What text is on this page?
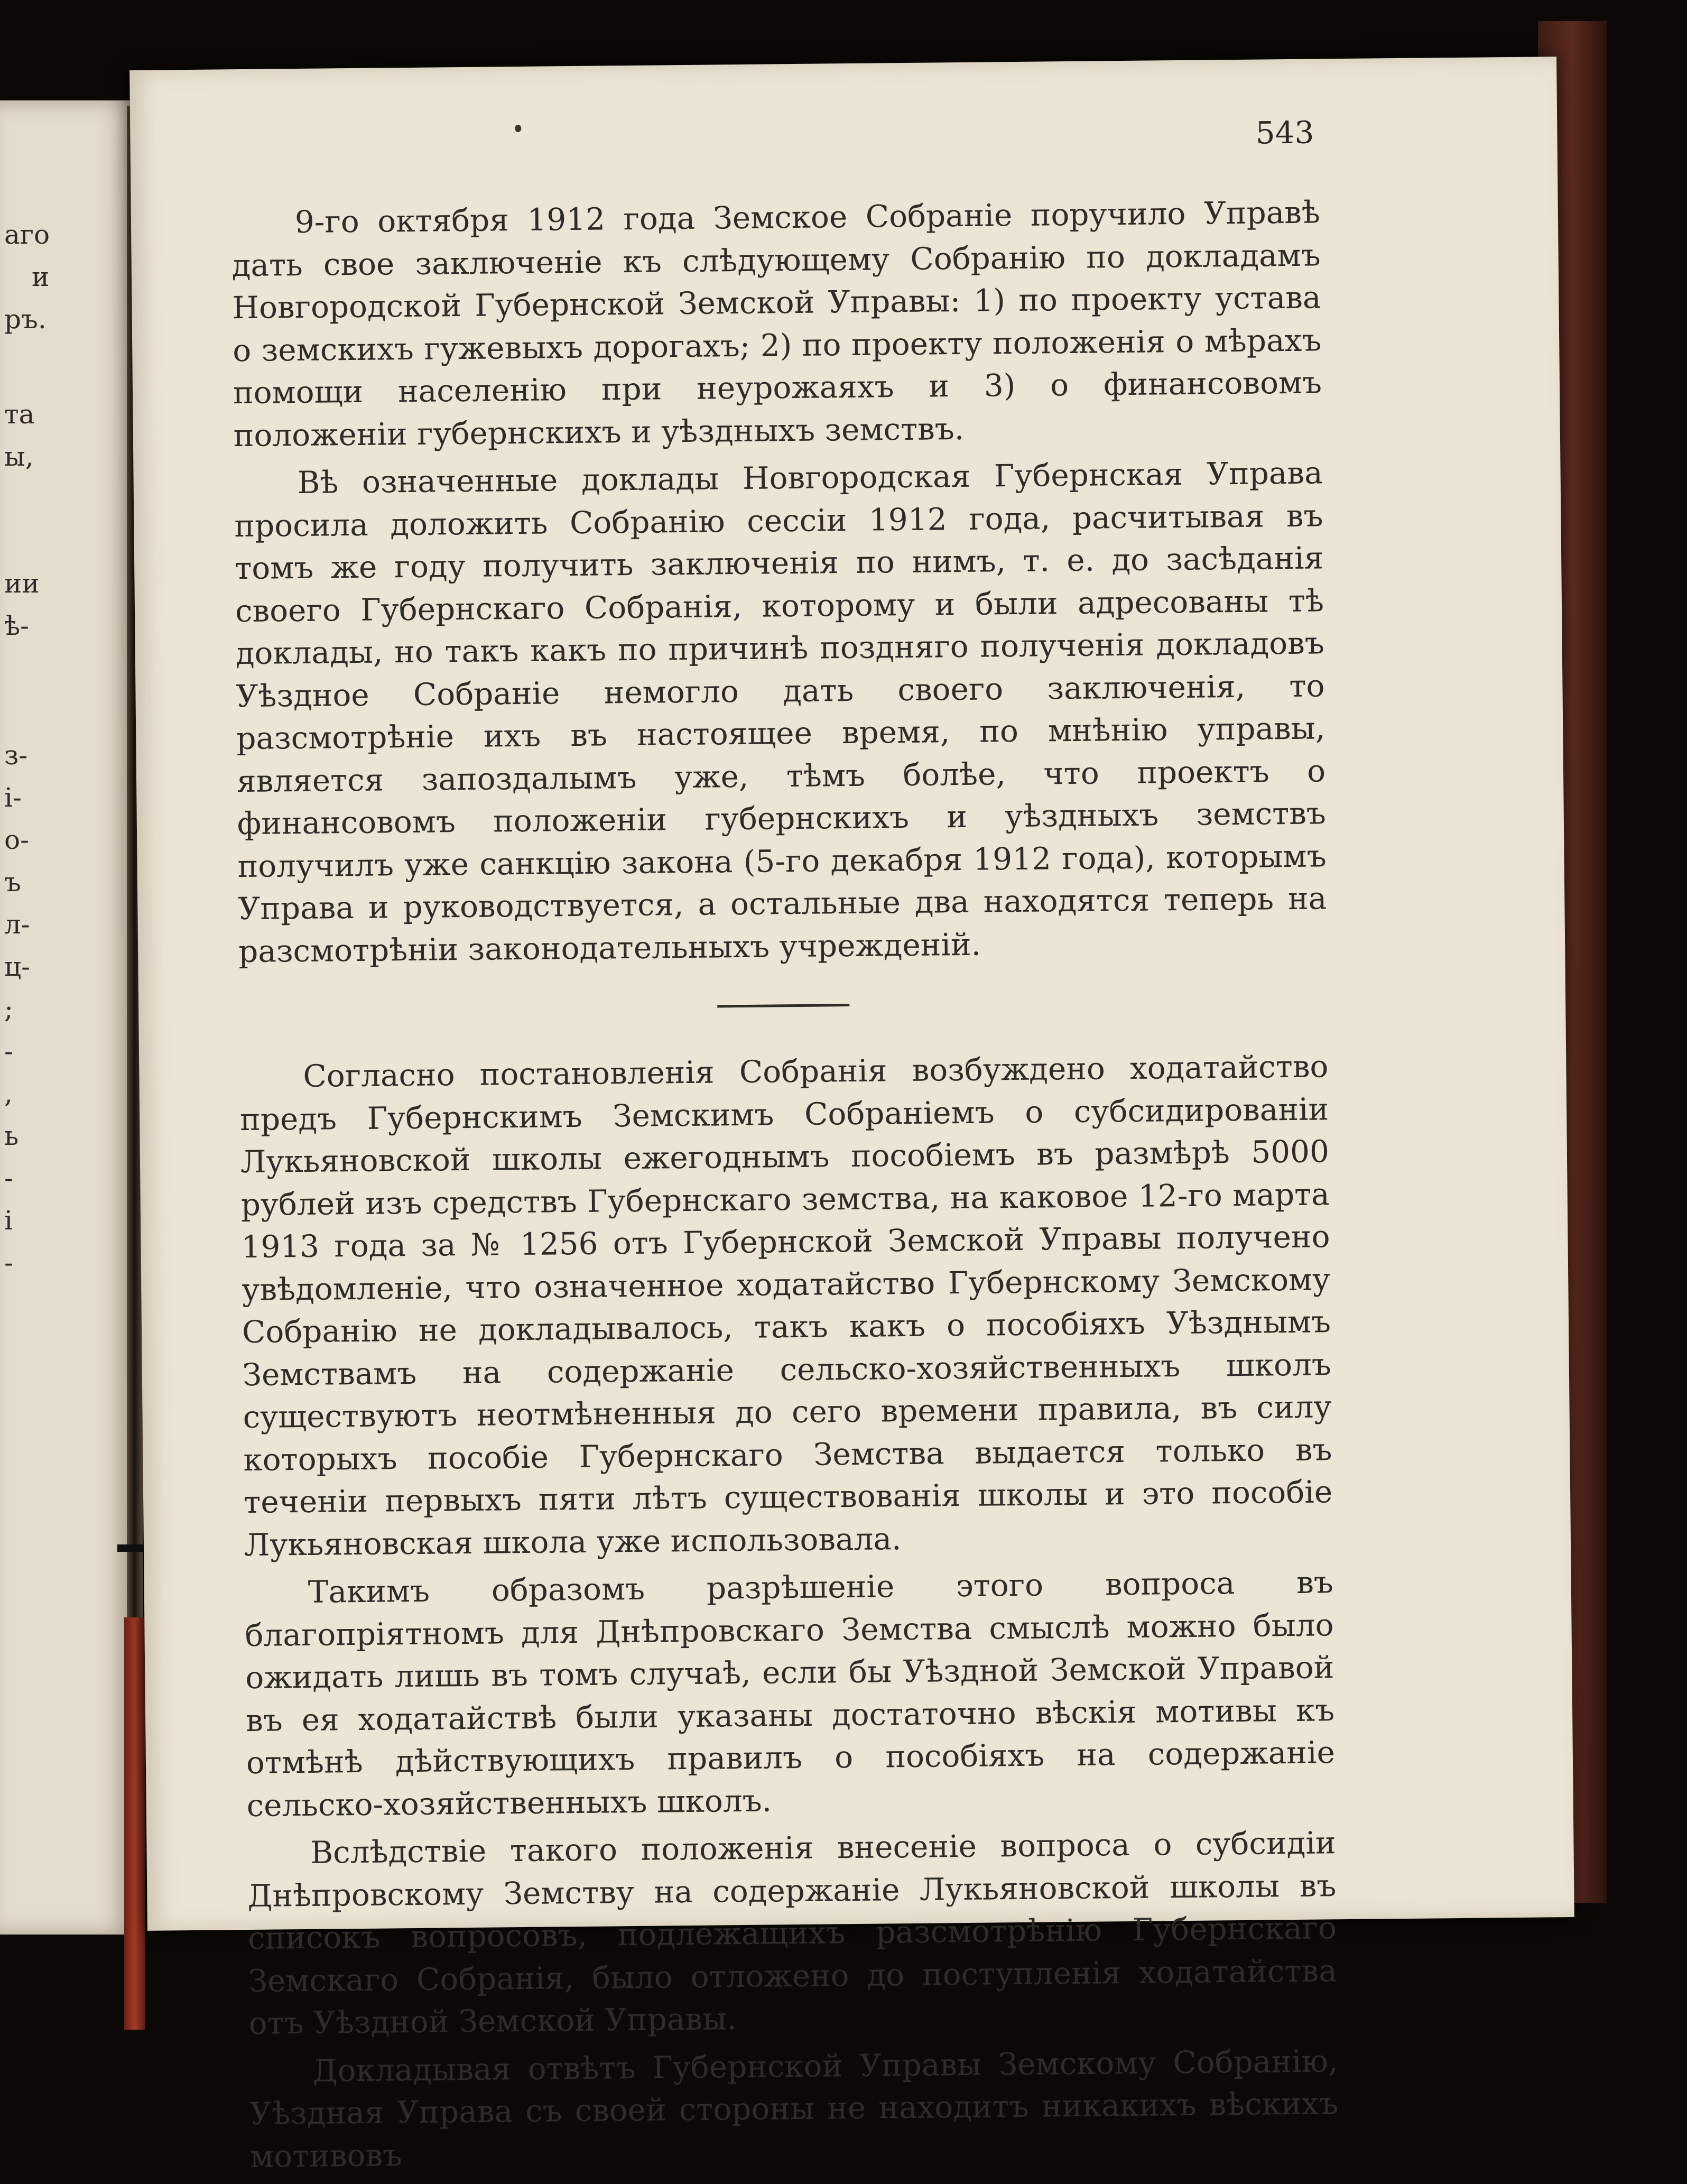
аго
и
ръ.
та
ы,
ии
ѣ-
з-
i-
о-
ъ
л-
ц-
;
-
,
ь
-
і
-
543

9-го октября 1912 года Земское Собраніе поручило Управѣ дать свое заключеніе къ слѣдующему Собранію по докладамъ Новгородской Губернской Земской Управы: 1) по проекту устава о земскихъ гужевыхъ дорогахъ; 2) по проекту положенія о мѣрахъ помощи населенію при неурожаяхъ и 3) о финансовомъ положеніи губернскихъ и уѣздныхъ земствъ.

Вѣ означенные доклады Новгородская Губернская Управа просила доложить Собранію сессіи 1912 года, расчитывая въ томъ же году получить заключенія по нимъ, т. е. до засѣданія своего Губернскаго Собранія, которому и были адресованы тѣ доклады, но такъ какъ по причинѣ поздняго полученія докладовъ Уѣздное Собраніе немогло дать своего заключенія, то разсмотрѣніе ихъ въ настоящее время, по мнѣнію управы, является запоздалымъ уже, тѣмъ болѣе, что проектъ о финансовомъ положеніи губернскихъ и уѣздныхъ земствъ получилъ уже санкцію закона (5-го декабря 1912 года), которымъ Управа и руководствуется, а остальные два находятся теперь на разсмотрѣніи законодательныхъ учрежденій.

Согласно постановленія Собранія возбуждено ходатайство предъ Губернскимъ Земскимъ Собраніемъ о субсидированіи Лукьяновской школы ежегоднымъ пособіемъ въ размѣрѣ 5000 рублей изъ средствъ Губернскаго земства, на каковое 12-го марта 1913 года за № 1256 отъ Губернской Земской Управы получено увѣдомленіе, что означенное ходатайство Губернскому Земскому Собранію не докладывалось, такъ какъ о пособіяхъ Уѣзднымъ Земствамъ на содержаніе сельско-хозяйственныхъ школъ существуютъ неотмѣненныя до сего времени правила, въ силу которыхъ пособіе Губернскаго Земства выдается только въ теченіи первыхъ пяти лѣтъ существованія школы и это пособіе Лукьяновская школа уже использовала.

Такимъ образомъ разрѣшеніе этого вопроса въ благопріятномъ для Днѣпровскаго Земства смыслѣ можно было ожидать лишь въ томъ случаѣ, если бы Уѣздной Земской Управой въ ея ходатайствѣ были указаны достаточно вѣскія мотивы къ отмѣнѣ дѣйствующихъ правилъ о пособіяхъ на содержаніе сельско-хозяйственныхъ школъ.

Вслѣдствіе такого положенія внесеніе вопроса о субсидіи Днѣпровскому Земству на содержаніе Лукьяновской школы въ списокъ вопросовъ, подлежащихъ разсмотрѣнію Губернскаго Земскаго Собранія, было отложено до поступленія ходатайства отъ Уѣздной Земской Управы.

Докладывая отвѣтъ Губернской Управы Земскому Собранію, Уѣздная Управа съ своей стороны не находитъ никакихъ вѣскихъ мотивовъ
